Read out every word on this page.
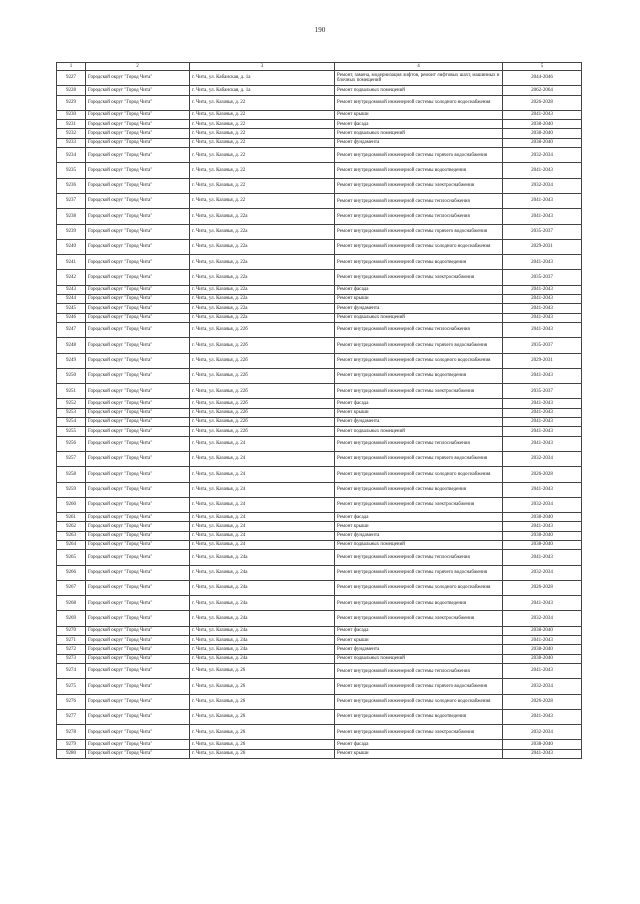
190
1	2	3	4	5
9227	Городской округ "Город Чита"	г. Чита, ул. Кабанская, д. 1а	Ремонт, замена, модернизация лифтов, ремонт лифтовых шахт, машинных и блочных помещений	2044-2046
9228	Городской округ "Город Чита"	г. Чита, ул. Кабанская, д. 1а	Ремонт подвальных помещений	2062-2064
9229	Городской округ "Город Чита"	г. Чита, ул. Казачья, д. 22	Ремонт внутридомовой инженерной системы холодного водоснабжения	2026-2028
9230	Городской округ "Город Чита"	г. Чита, ул. Казачья, д. 22	Ремонт крыши	2041-2043
9231	Городской округ "Город Чита"	г. Чита, ул. Казачья, д. 22	Ремонт фасада	2038-2040
9232	Городской округ "Город Чита"	г. Чита, ул. Казачья, д. 22	Ремонт подвальных помещений	2038-2040
9233	Городской округ "Город Чита"	г. Чита, ул. Казачья, д. 22	Ремонт фундамента	2038-2040
9234	Городской округ "Город Чита"	г. Чита, ул. Казачья, д. 22	Ремонт внутридомовой инженерной системы горячего водоснабжения	2032-2034
9235	Городской округ "Город Чита"	г. Чита, ул. Казачья, д. 22	Ремонт внутридомовой инженерной системы водоотведения	2041-2043
9236	Городской округ "Город Чита"	г. Чита, ул. Казачья, д. 22	Ремонт внутридомовой инженерной системы электроснабжения	2032-2034
9237	Городской округ "Город Чита"	г. Чита, ул. Казачья, д. 22	Ремонт внутридомовой инженерной системы теплоснабжения	2041-2043
9238	Городской округ "Город Чита"	г. Чита, ул. Казачья, д. 22а	Ремонт внутридомовой инженерной системы теплоснабжения	2041-2043
9239	Городской округ "Город Чита"	г. Чита, ул. Казачья, д. 22а	Ремонт внутридомовой инженерной системы горячего водоснабжения	2035-2037
9240	Городской округ "Город Чита"	г. Чита, ул. Казачья, д. 22а	Ремонт внутридомовой инженерной системы холодного водоснабжения	2029-2031
9241	Городской округ "Город Чита"	г. Чита, ул. Казачья, д. 22а	Ремонт внутридомовой инженерной системы водоотведения	2041-2043
9242	Городской округ "Город Чита"	г. Чита, ул. Казачья, д. 22а	Ремонт внутридомовой инженерной системы электроснабжения	2035-2037
9243	Городской округ "Город Чита"	г. Чита, ул. Казачья, д. 22а	Ремонт фасада	2041-2043
9244	Городской округ "Город Чита"	г. Чита, ул. Казачья, д. 22а	Ремонт крыши	2041-2043
9245	Городской округ "Город Чита"	г. Чита, ул. Казачья, д. 22а	Ремонт фундамента	2041-2043
9246	Городской округ "Город Чита"	г. Чита, ул. Казачья, д. 22а	Ремонт подвальных помещений	2041-2043
9247	Городской округ "Город Чита"	г. Чита, ул. Казачья, д. 22б	Ремонт внутридомовой инженерной системы теплоснабжения	2041-2043
9248	Городской округ "Город Чита"	г. Чита, ул. Казачья, д. 22б	Ремонт внутридомовой инженерной системы горячего водоснабжения	2035-2037
9249	Городской округ "Город Чита"	г. Чита, ул. Казачья, д. 22б	Ремонт внутридомовой инженерной системы холодного водоснабжения	2029-2031
9250	Городской округ "Город Чита"	г. Чита, ул. Казачья, д. 22б	Ремонт внутридомовой инженерной системы водоотведения	2041-2043
9251	Городской округ "Город Чита"	г. Чита, ул. Казачья, д. 22б	Ремонт внутридомовой инженерной системы электроснабжения	2035-2037
9252	Городской округ "Город Чита"	г. Чита, ул. Казачья, д. 22б	Ремонт фасада	2041-2043
9253	Городской округ "Город Чита"	г. Чита, ул. Казачья, д. 22б	Ремонт крыши	2041-2043
9254	Городской округ "Город Чита"	г. Чита, ул. Казачья, д. 22б	Ремонт фундамента	2041-2043
9255	Городской округ "Город Чита"	г. Чита, ул. Казачья, д. 22б	Ремонт подвальных помещений	2041-2043
9256	Городской округ "Город Чита"	г. Чита, ул. Казачья, д. 24	Ремонт внутридомовой инженерной системы теплоснабжения	2041-2043
9257	Городской округ "Город Чита"	г. Чита, ул. Казачья, д. 24	Ремонт внутридомовой инженерной системы горячего водоснабжения	2032-2034
9258	Городской округ "Город Чита"	г. Чита, ул. Казачья, д. 24	Ремонт внутридомовой инженерной системы холодного водоснабжения	2026-2028
9259	Городской округ "Город Чита"	г. Чита, ул. Казачья, д. 24	Ремонт внутридомовой инженерной системы водоотведения	2041-2043
9260	Городской округ "Город Чита"	г. Чита, ул. Казачья, д. 24	Ремонт внутридомовой инженерной системы электроснабжения	2032-2034
9261	Городской округ "Город Чита"	г. Чита, ул. Казачья, д. 24	Ремонт фасада	2038-2040
9262	Городской округ "Город Чита"	г. Чита, ул. Казачья, д. 24	Ремонт крыши	2041-2043
9263	Городской округ "Город Чита"	г. Чита, ул. Казачья, д. 24	Ремонт фундамента	2038-2040
9264	Городской округ "Город Чита"	г. Чита, ул. Казачья, д. 24	Ремонт подвальных помещений	2038-2040
9265	Городской округ "Город Чита"	г. Чита, ул. Казачья, д. 24а	Ремонт внутридомовой инженерной системы теплоснабжения	2041-2043
9266	Городской округ "Город Чита"	г. Чита, ул. Казачья, д. 24а	Ремонт внутридомовой инженерной системы горячего водоснабжения	2032-2034
9267	Городской округ "Город Чита"	г. Чита, ул. Казачья, д. 24а	Ремонт внутридомовой инженерной системы холодного водоснабжения	2026-2028
9268	Городской округ "Город Чита"	г. Чита, ул. Казачья, д. 24а	Ремонт внутридомовой инженерной системы водоотведения	2041-2043
9269	Городской округ "Город Чита"	г. Чита, ул. Казачья, д. 24а	Ремонт внутридомовой инженерной системы электроснабжения	2032-2034
9270	Городской округ "Город Чита"	г. Чита, ул. Казачья, д. 24а	Ремонт фасада	2038-2040
9271	Городской округ "Город Чита"	г. Чита, ул. Казачья, д. 24а	Ремонт крыши	2041-2043
9272	Городской округ "Город Чита"	г. Чита, ул. Казачья, д. 24а	Ремонт фундамента	2038-2040
9273	Городской округ "Город Чита"	г. Чита, ул. Казачья, д. 24а	Ремонт подвальных помещений	2038-2040
9274	Городской округ "Город Чита"	г. Чита, ул. Казачья, д. 26	Ремонт внутридомовой инженерной системы теплоснабжения	2041-2043
9275	Городской округ "Город Чита"	г. Чита, ул. Казачья, д. 26	Ремонт внутридомовой инженерной системы горячего водоснабжения	2032-2034
9276	Городской округ "Город Чита"	г. Чита, ул. Казачья, д. 26	Ремонт внутридомовой инженерной системы холодного водоснабжения	2026-2028
9277	Городской округ "Город Чита"	г. Чита, ул. Казачья, д. 26	Ремонт внутридомовой инженерной системы водоотведения	2041-2043
9278	Городской округ "Город Чита"	г. Чита, ул. Казачья, д. 26	Ремонт внутридомовой инженерной системы электроснабжения	2032-2034
9279	Городской округ "Город Чита"	г. Чита, ул. Казачья, д. 26	Ремонт фасада	2038-2040
9280	Городской округ "Город Чита"	г. Чита, ул. Казачья, д. 26	Ремонт крыши	2041-2043
